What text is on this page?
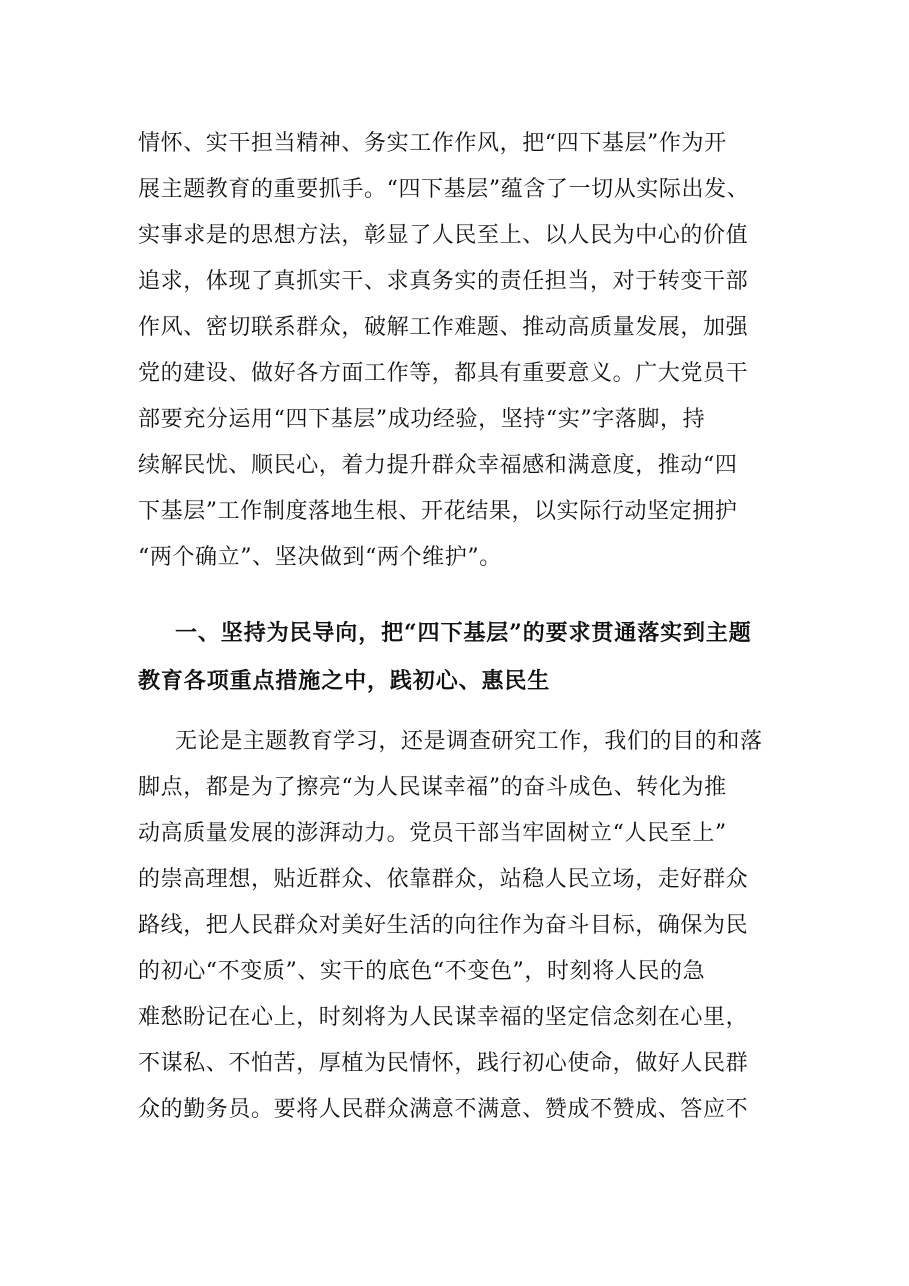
情怀、实干担当精神、务实工作作风，把“四下基层”作为开
展主题教育的重要抓手。“四下基层”蕴含了一切从实际出发、
实事求是的思想方法，彰显了人民至上、以人民为中心的价值
追求，体现了真抓实干、求真务实的责任担当，对于转变干部
作风、密切联系群众，破解工作难题、推动高质量发展，加强
党的建设、做好各方面工作等，都具有重要意义。广大党员干
部要充分运用“四下基层”成功经验，坚持“实”字落脚，持
续解民忧、顺民心，着力提升群众幸福感和满意度，推动“四
下基层”工作制度落地生根、开花结果，以实际行动坚定拥护
“两个确立”、坚决做到“两个维护”。
一、坚持为民导向，把“四下基层”的要求贯通落实到主题
教育各项重点措施之中，践初心、惠民生
无论是主题教育学习，还是调查研究工作，我们的目的和落
脚点，都是为了擦亮“为人民谋幸福”的奋斗成色、转化为推
动高质量发展的澎湃动力。党员干部当牢固树立“人民至上”
的崇高理想，贴近群众、依靠群众，站稳人民立场，走好群众
路线，把人民群众对美好生活的向往作为奋斗目标，确保为民
的初心“不变质”、实干的底色“不变色”，时刻将人民的急
难愁盼记在心上，时刻将为人民谋幸福的坚定信念刻在心里，
不谋私、不怕苦，厚植为民情怀，践行初心使命，做好人民群
众的勤务员。要将人民群众满意不满意、赞成不赞成、答应不
